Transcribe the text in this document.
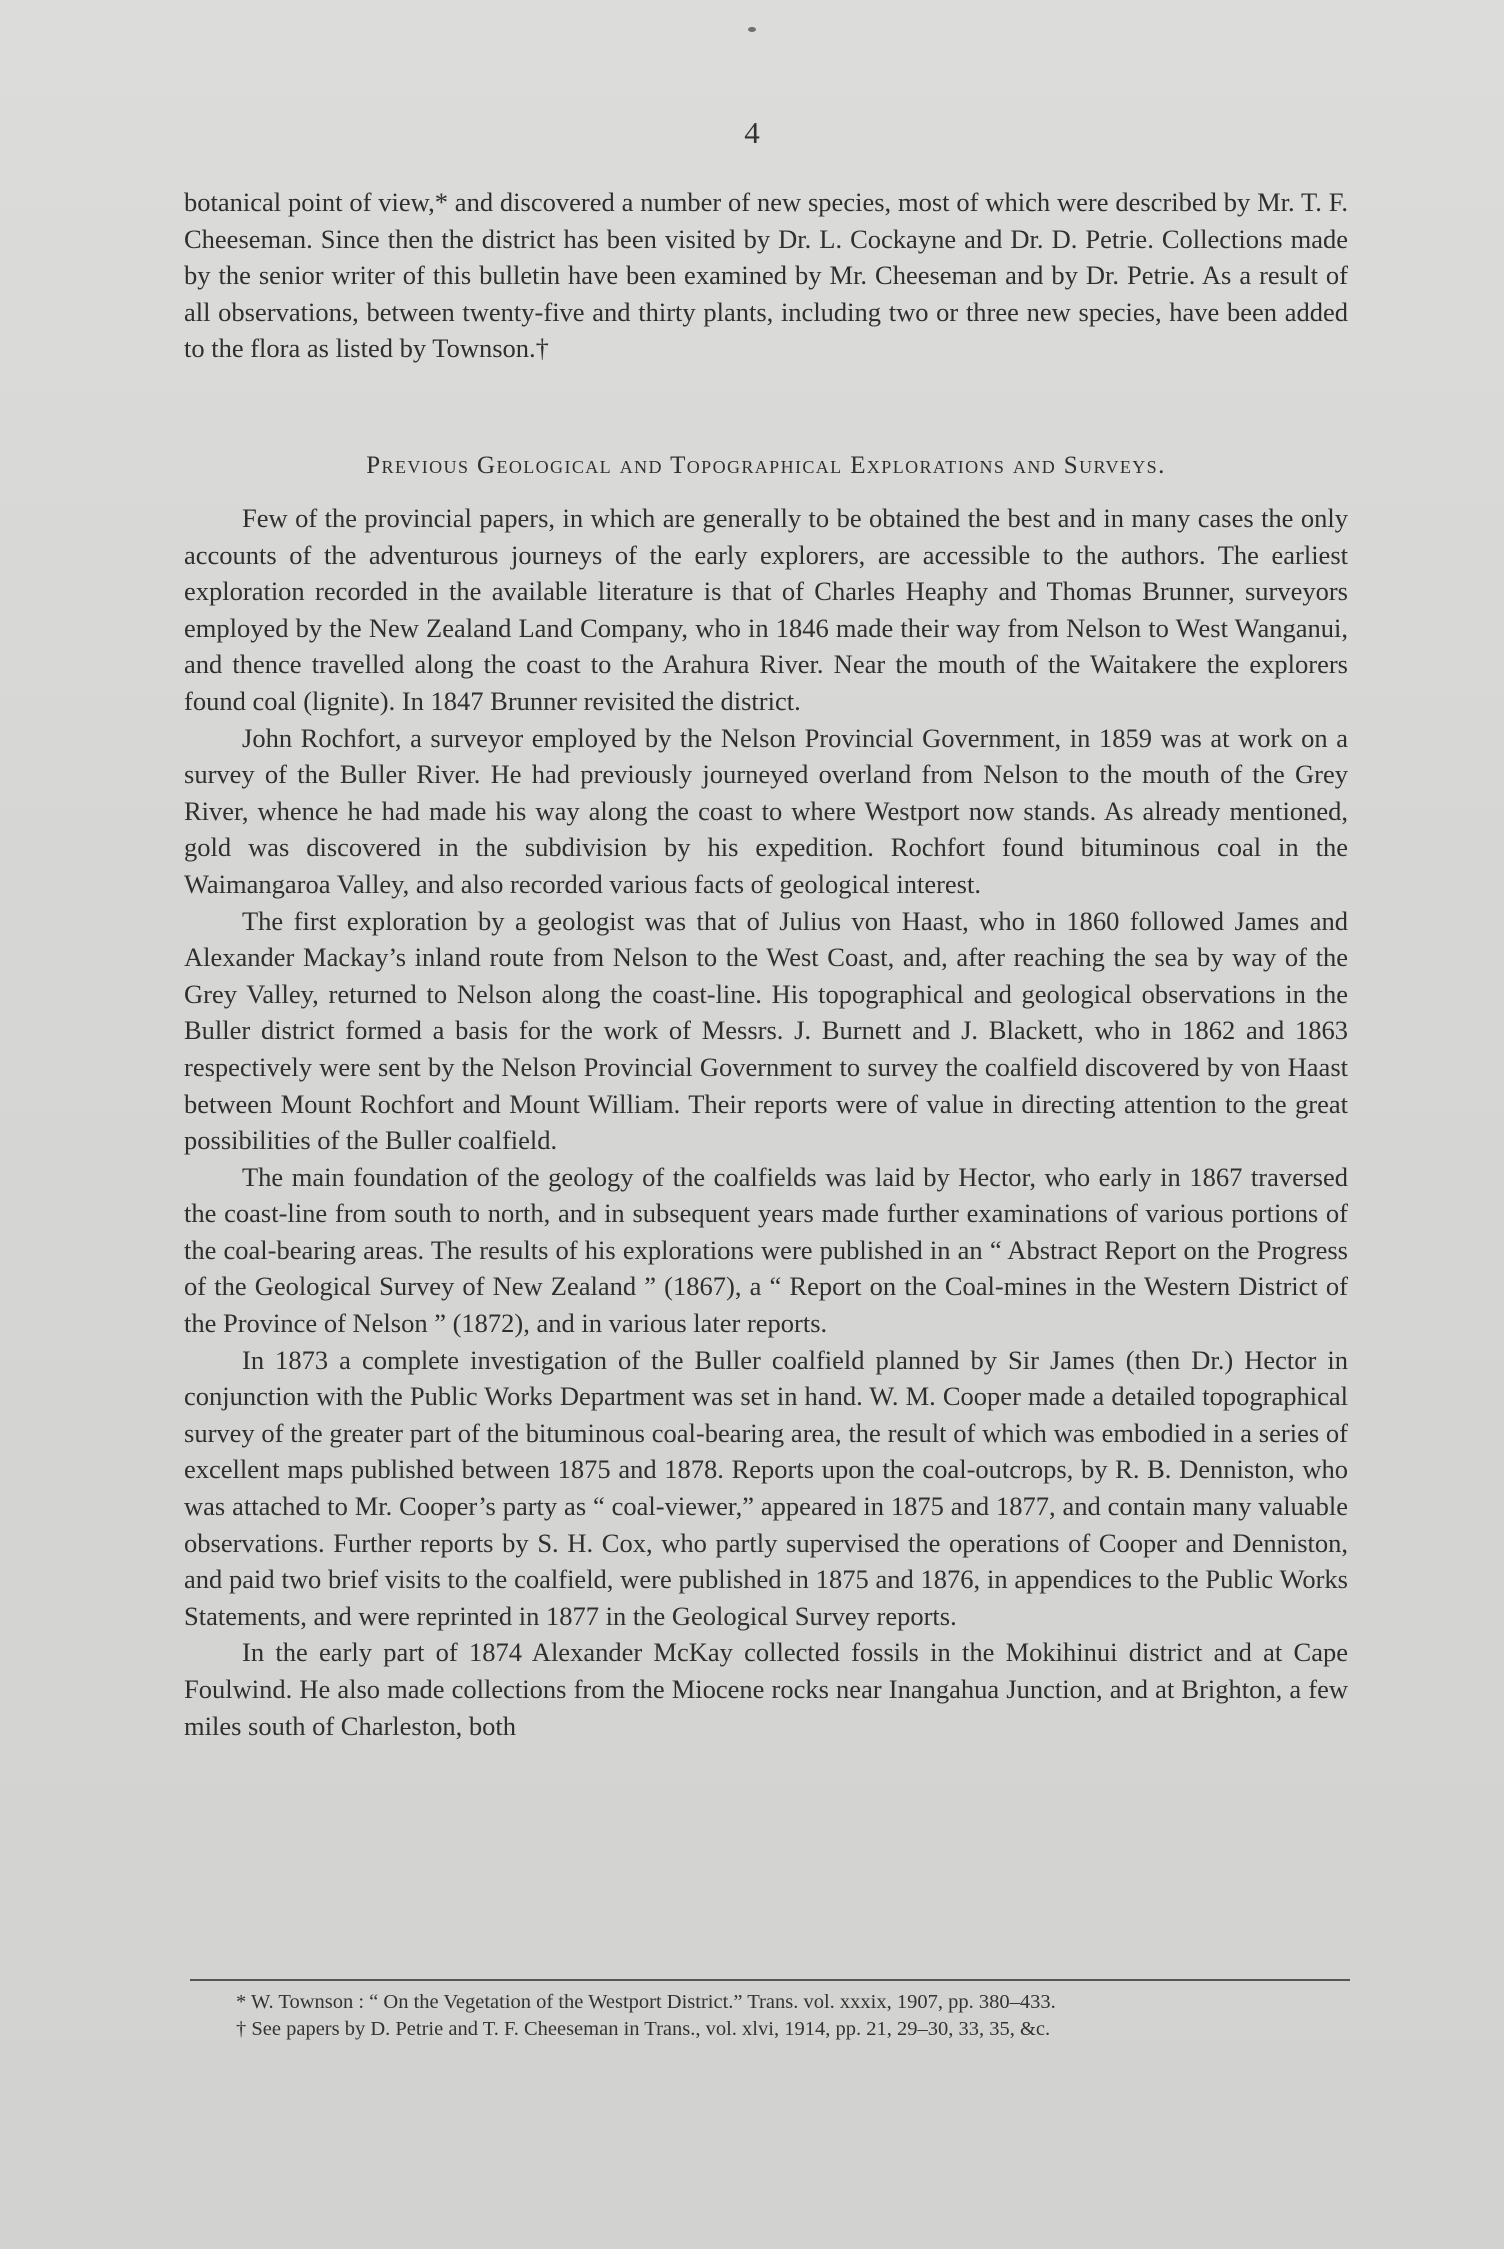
4

botanical point of view,* and discovered a number of new species, most of which were described by Mr. T. F. Cheeseman. Since then the district has been visited by Dr. L. Cockayne and Dr. D. Petrie. Collections made by the senior writer of this bulletin have been examined by Mr. Cheeseman and by Dr. Petrie. As a result of all observations, between twenty-five and thirty plants, including two or three new species, have been added to the flora as listed by Townson.†

Previous Geological and Topographical Explorations and Surveys.

Few of the provincial papers, in which are generally to be obtained the best and in many cases the only accounts of the adventurous journeys of the early explorers, are accessible to the authors. The earliest exploration recorded in the available literature is that of Charles Heaphy and Thomas Brunner, surveyors employed by the New Zealand Land Company, who in 1846 made their way from Nelson to West Wanganui, and thence travelled along the coast to the Arahura River. Near the mouth of the Waitakere the explorers found coal (lignite). In 1847 Brunner revisited the district.

John Rochfort, a surveyor employed by the Nelson Provincial Government, in 1859 was at work on a survey of the Buller River. He had previously journeyed overland from Nelson to the mouth of the Grey River, whence he had made his way along the coast to where Westport now stands. As already mentioned, gold was discovered in the subdivision by his expedition. Rochfort found bituminous coal in the Waimangaroa Valley, and also recorded various facts of geological interest.

The first exploration by a geologist was that of Julius von Haast, who in 1860 followed James and Alexander Mackay’s inland route from Nelson to the West Coast, and, after reaching the sea by way of the Grey Valley, returned to Nelson along the coast-line. His topographical and geological observations in the Buller district formed a basis for the work of Messrs. J. Burnett and J. Blackett, who in 1862 and 1863 respectively were sent by the Nelson Provincial Government to survey the coalfield discovered by von Haast between Mount Rochfort and Mount William. Their reports were of value in directing attention to the great possibilities of the Buller coalfield.

The main foundation of the geology of the coalfields was laid by Hector, who early in 1867 traversed the coast-line from south to north, and in subsequent years made further examinations of various portions of the coal-bearing areas. The results of his explorations were published in an “ Abstract Report on the Progress of the Geological Survey of New Zealand ” (1867), a “ Report on the Coal-mines in the Western District of the Province of Nelson ” (1872), and in various later reports.

In 1873 a complete investigation of the Buller coalfield planned by Sir James (then Dr.) Hector in conjunction with the Public Works Department was set in hand. W. M. Cooper made a detailed topographical survey of the greater part of the bituminous coal-bearing area, the result of which was embodied in a series of excellent maps published between 1875 and 1878. Reports upon the coal-outcrops, by R. B. Denniston, who was attached to Mr. Cooper’s party as “ coal-viewer,” appeared in 1875 and 1877, and contain many valuable observations. Further reports by S. H. Cox, who partly supervised the operations of Cooper and Denniston, and paid two brief visits to the coalfield, were published in 1875 and 1876, in appendices to the Public Works Statements, and were reprinted in 1877 in the Geological Survey reports.

In the early part of 1874 Alexander McKay collected fossils in the Mokihinui district and at Cape Foulwind. He also made collections from the Miocene rocks near Inangahua Junction, and at Brighton, a few miles south of Charleston, both

* W. Townson : “ On the Vegetation of the Westport District.” Trans. vol. xxxix, 1907, pp. 380–433.

† See papers by D. Petrie and T. F. Cheeseman in Trans., vol. xlvi, 1914, pp. 21, 29–30, 33, 35, &c.
